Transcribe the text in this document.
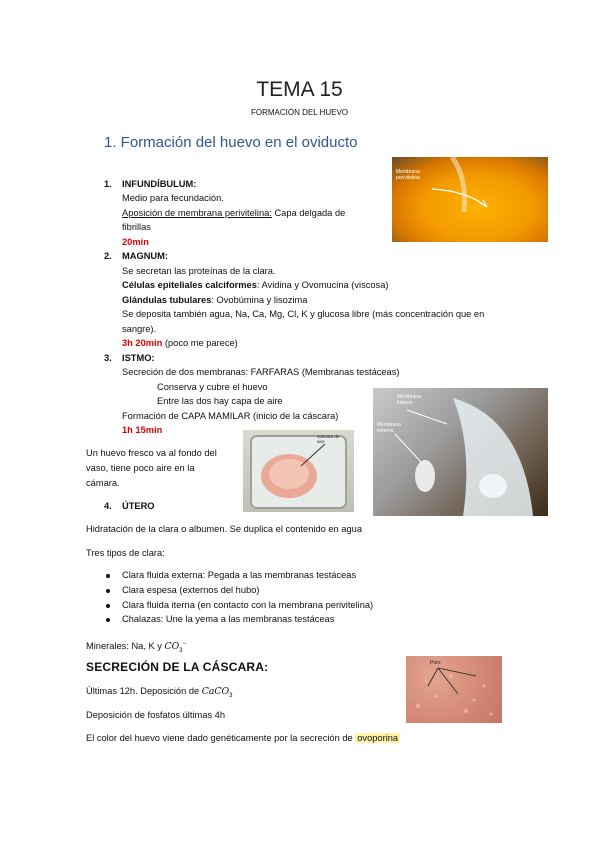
TEMA 15
FORMACIÓN DEL HUEVO
1. Formación del huevo en el oviducto
Membrana perivitelina
1. INFUNDÍBULUM:
Medio para fecundación.
Aposición de membrana perivitelina: Capa delgada de
fibrillas
20min
2. MAGNUM:
Se secretan las proteínas de la clara.
Células epiteliales calciformes: Avidina y Ovomucina (viscosa)
Glándulas tubulares: Ovobúmina y lisozima
Se deposita también agua, Na, Ca, Mg, Cl, K y glucosa libre (más concentración que en
sangre).
3h 20min (poco me parece)
3. ISTMO:
Secreción de dos membranas: FARFARAS (Membranas testáceas)
Conserva y cubre el huevo
Entre las dos hay capa de aire
Formación de CAPA MAMILAR (inicio de la cáscara)
1h 15min
Membrana interna
Membrana externa
Cámara de aire
Un huevo fresco va al fondo del
vaso, tiene poco aire en la
cámara.
4. ÚTERO
Hidratación de la clara o albumen. Se duplica el contenido en agua
Tres tipos de clara:
Clara fluida externa: Pegada a las membranas testáceas
Clara espesa (externos del hubo)
Clara fluida iterna (en contacto con la membrana perivitelina)
Chalazas: Une la yema a las membranas testáceas
Minerales: Na, K y $CO_3^-$
SECRECIÓN DE LA CÁSCARA:	Poro
Últimas 12h. Deposición de CaCO$_3$
Deposición de fosfatos últimas 4h
El color del huevo viene dado genéticamente por la secreción de ovoporina
